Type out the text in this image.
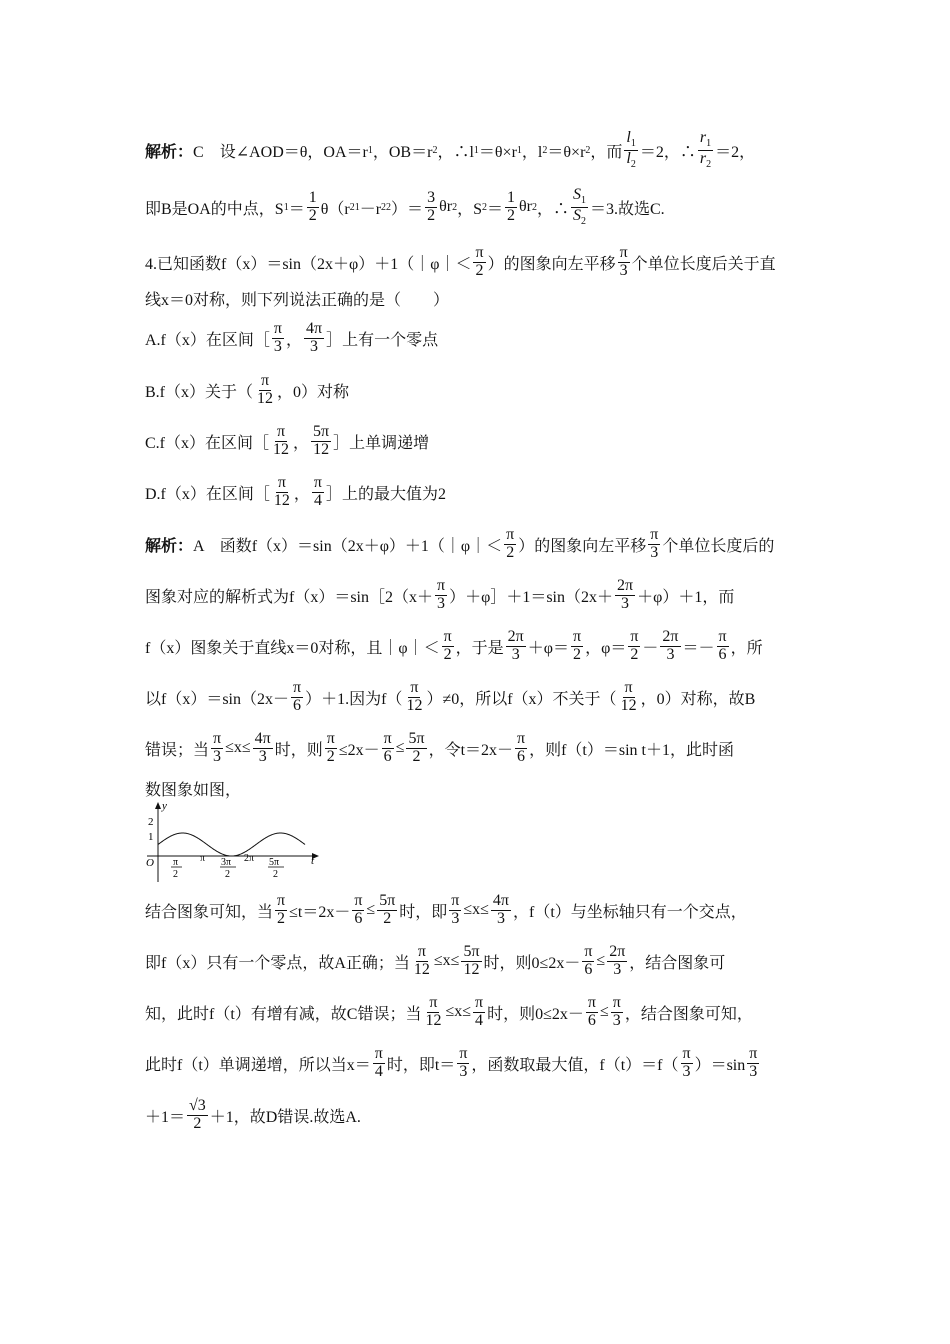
解析： C　设∠AOD＝θ，OA＝r 1 ，OB＝r 2 ，∴l 1 ＝θ×r 1 ，l 2 ＝θ×r 2 ，而 $\frac{l_1}{l_2} =2$，∴ $\frac{r_1}{r_2} =2$，
即B是OA的中点，S $1 = \frac{1}{2} \theta(r$ 2 1 －r 2 2 ）＝ $\frac{3}{2}$ θr 2 ，S $2 = \frac{1}{2}$ θr 2 ，∴ $\frac{S_1}{S_2} =3$.故选C.
4.已知函数f（x）＝sin（2x＋φ）＋1（｜φ｜＜ $\frac{\pi}{2}$ ）的图象向左平移 $\frac{\pi}{3}$ 个单位长度后关于直
线x＝0对称，则下列说法正确的是（　　）
A.f（x）在区间［ $\frac{\pi}{3}$ ， $\frac{4\pi}{3}$ ］上有一个零点
B.f（x）关于（ $\frac{\pi}{12}$ ，0）对称
C.f（x）在区间［ $\frac{\pi}{12}$ ， $\frac{5\pi}{12}$ ］上单调递增
D.f（x）在区间［ $\frac{\pi}{12}$ ， $\frac{\pi}{4}$ ］上的最大值为2
解析： A　函数f（x）＝sin（2x＋φ）＋1（｜φ｜＜ $\frac{\pi}{2}$ ）的图象向左平移 $\frac{\pi}{3}$ 个单位长度后的
图象对应的解析式为f（x）＝sin［2（x＋ $\frac{\pi}{3}$ ）＋φ］＋1＝sin（2x＋ $\frac{2\pi}{3} +\varphi)+1$，而
f（x）图象关于直线x＝0对称，且｜φ｜＜ $\frac{\pi}{2}$ ，于是 $\frac{2\pi}{3} +\varphi= \frac{\pi}{2}$ ，$\varphi= \frac{\pi}{2} - \frac{2\pi}{3} =- \frac{\pi}{6}$ ，所
以$f(x)=\sin(2x- \frac{\pi}{6} )+1$.因为$f( \frac{\pi}{12} )\ne 0$，所以f（x）不关于（ $\frac{\pi}{12}$ ，0）对称，故B
错误；当 $\frac{\pi}{3} \le x\le \frac{4\pi}{3}$ 时，则 $\frac{\pi}{2} \le 2x- \frac{\pi}{6} \le \frac{5\pi}{2}$ ，令$t=2x- \frac{\pi}{6}$ ，则f（t）＝sin t＋1，此时函
数图象如图，
y
t
O
2
1
π
2
π 3π
2
2π 5π
2
结合图象可知，当 $\frac{\pi}{2} \le t=2x- \frac{\pi}{6} \le \frac{5\pi}{2}$ 时，即 $\frac{\pi}{3} \le x\le \frac{4\pi}{3}$ ，f（t）与坐标轴只有一个交点，
即f（x）只有一个零点，故A正确；当 $\frac{\pi}{12} \le x\le \frac{5\pi}{12}$ 时，则$0\le 2x- \frac{\pi}{6} \le \frac{2\pi}{3}$ ，结合图象可
知，此时f（t）有增有减，故C错误；当 $\frac{\pi}{12} \le x\le \frac{\pi}{4}$ 时，则$0\le 2x- \frac{\pi}{6} \le \frac{\pi}{3}$ ，结合图象可知，
此时f（t）单调递增，所以当$x= \frac{\pi}{4}$ 时，即$t= \frac{\pi}{3}$ ，函数取最大值，$f(t)=f( \frac{\pi}{3} )=\sin \frac{\pi}{3}$
$+1= \frac{√3}{2} +1$，故D错误.故选A.
